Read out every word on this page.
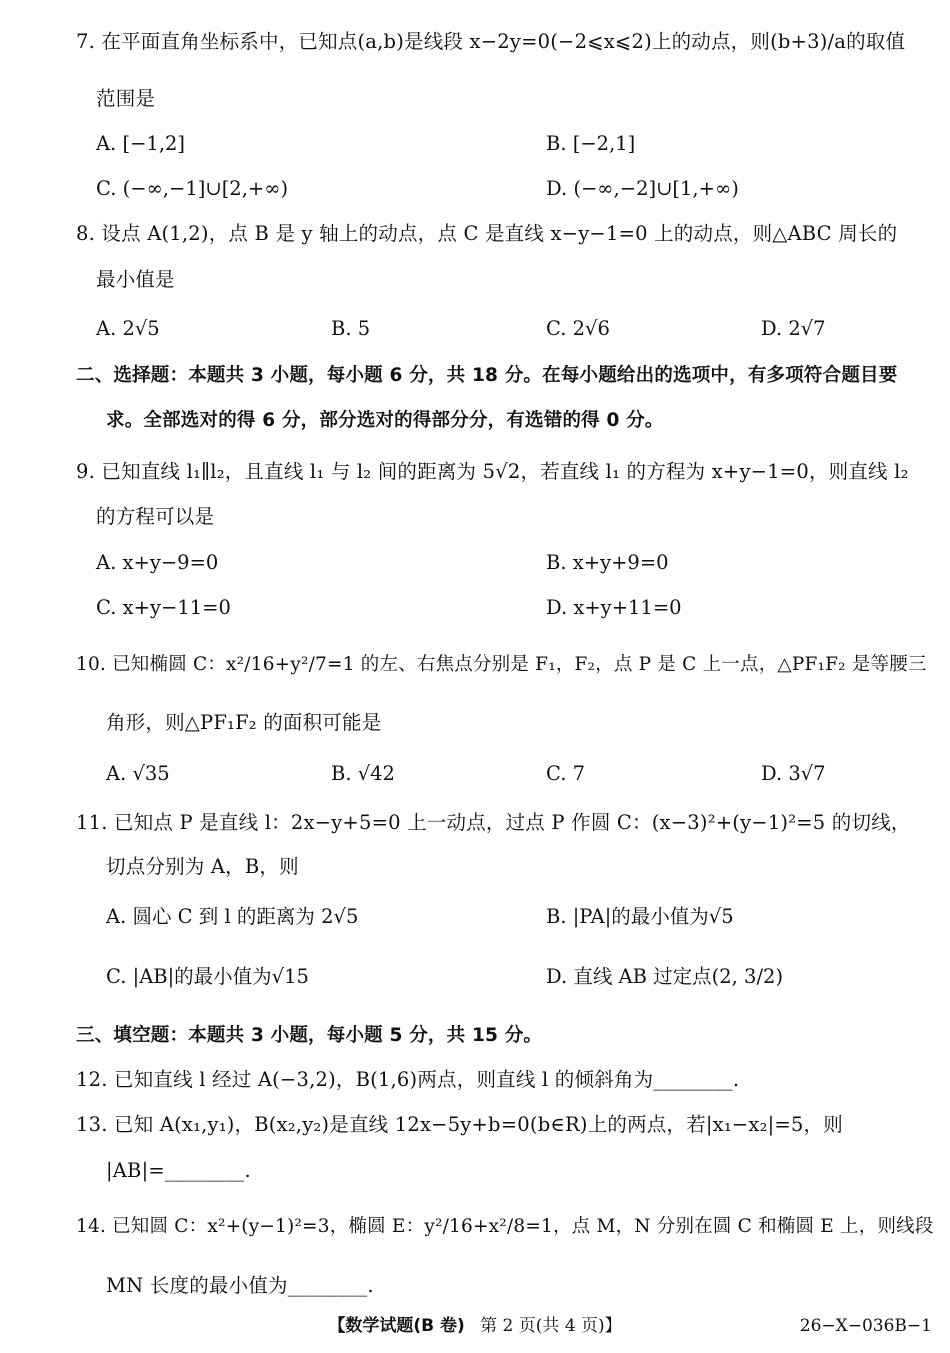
7. 在平面直角坐标系中，已知点(a,b)是线段 x−2y=0(−2⩽x⩽2)上的动点，则(b+3)/a的取值
范围是
A. [−1,2]	B. [−2,1]
C. (−∞,−1]∪[2,+∞)	D. (−∞,−2]∪[1,+∞)
8. 设点 A(1,2)，点 B 是 y 轴上的动点，点 C 是直线 x−y−1=0 上的动点，则△ABC 周长的
最小值是
A. 2√5	B. 5	C. 2√6	D. 2√7
二、选择题：本题共 3 小题，每小题 6 分，共 18 分。在每小题给出的选项中，有多项符合题目要
求。全部选对的得 6 分，部分选对的得部分分，有选错的得 0 分。
9. 已知直线 l₁∥l₂，且直线 l₁ 与 l₂ 间的距离为 5√2，若直线 l₁ 的方程为 x+y−1=0，则直线 l₂
的方程可以是
A. x+y−9=0	B. x+y+9=0
C. x+y−11=0	D. x+y+11=0
10. 已知椭圆 C：x²/16+y²/7=1 的左、右焦点分别是 F₁，F₂，点 P 是 C 上一点，△PF₁F₂ 是等腰三
角形，则△PF₁F₂ 的面积可能是
A. √35	B. √42	C. 7	D. 3√7
11. 已知点 P 是直线 l：2x−y+5=0 上一动点，过点 P 作圆 C：(x−3)²+(y−1)²=5 的切线，
切点分别为 A，B，则
A. 圆心 C 到 l 的距离为 2√5	B. |PA|的最小值为√5
C. |AB|的最小值为√15	D. 直线 AB 过定点(2, 3/2)
三、填空题：本题共 3 小题，每小题 5 分，共 15 分。
12. 已知直线 l 经过 A(−3,2)，B(1,6)两点，则直线 l 的倾斜角为________.
13. 已知 A(x₁,y₁)，B(x₂,y₂)是直线 12x−5y+b=0(b∈R)上的两点，若|x₁−x₂|=5，则
|AB|=________.
14. 已知圆 C：x²+(y−1)²=3，椭圆 E：y²/16+x²/8=1，点 M，N 分别在圆 C 和椭圆 E 上，则线段
MN 长度的最小值为________.
【数学试题(B 卷) 第 2 页(共 4 页)】	26−X−036B−1
